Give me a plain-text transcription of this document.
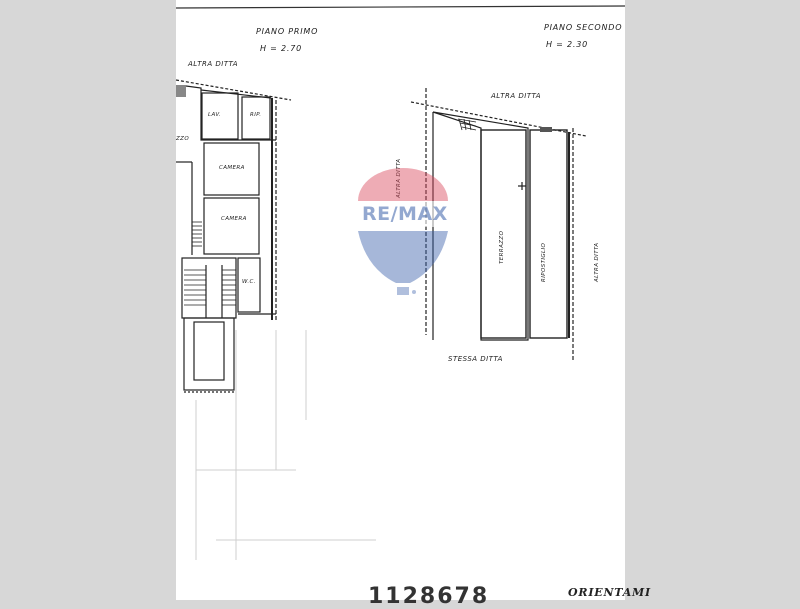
PIANO PRIMO
H = 2.70
PIANO SECONDO
H = 2.30
ALTRA DITTA
ALTRA DITTA
ALTRA DITTA
STESSA DITTA
LAV.	RIP.
CAMERA
CAMERA
W.C.
ZZO
TERRAZZO	RIPOSTIGLIO
RE/MAX
1128678	ORIENTAMI
